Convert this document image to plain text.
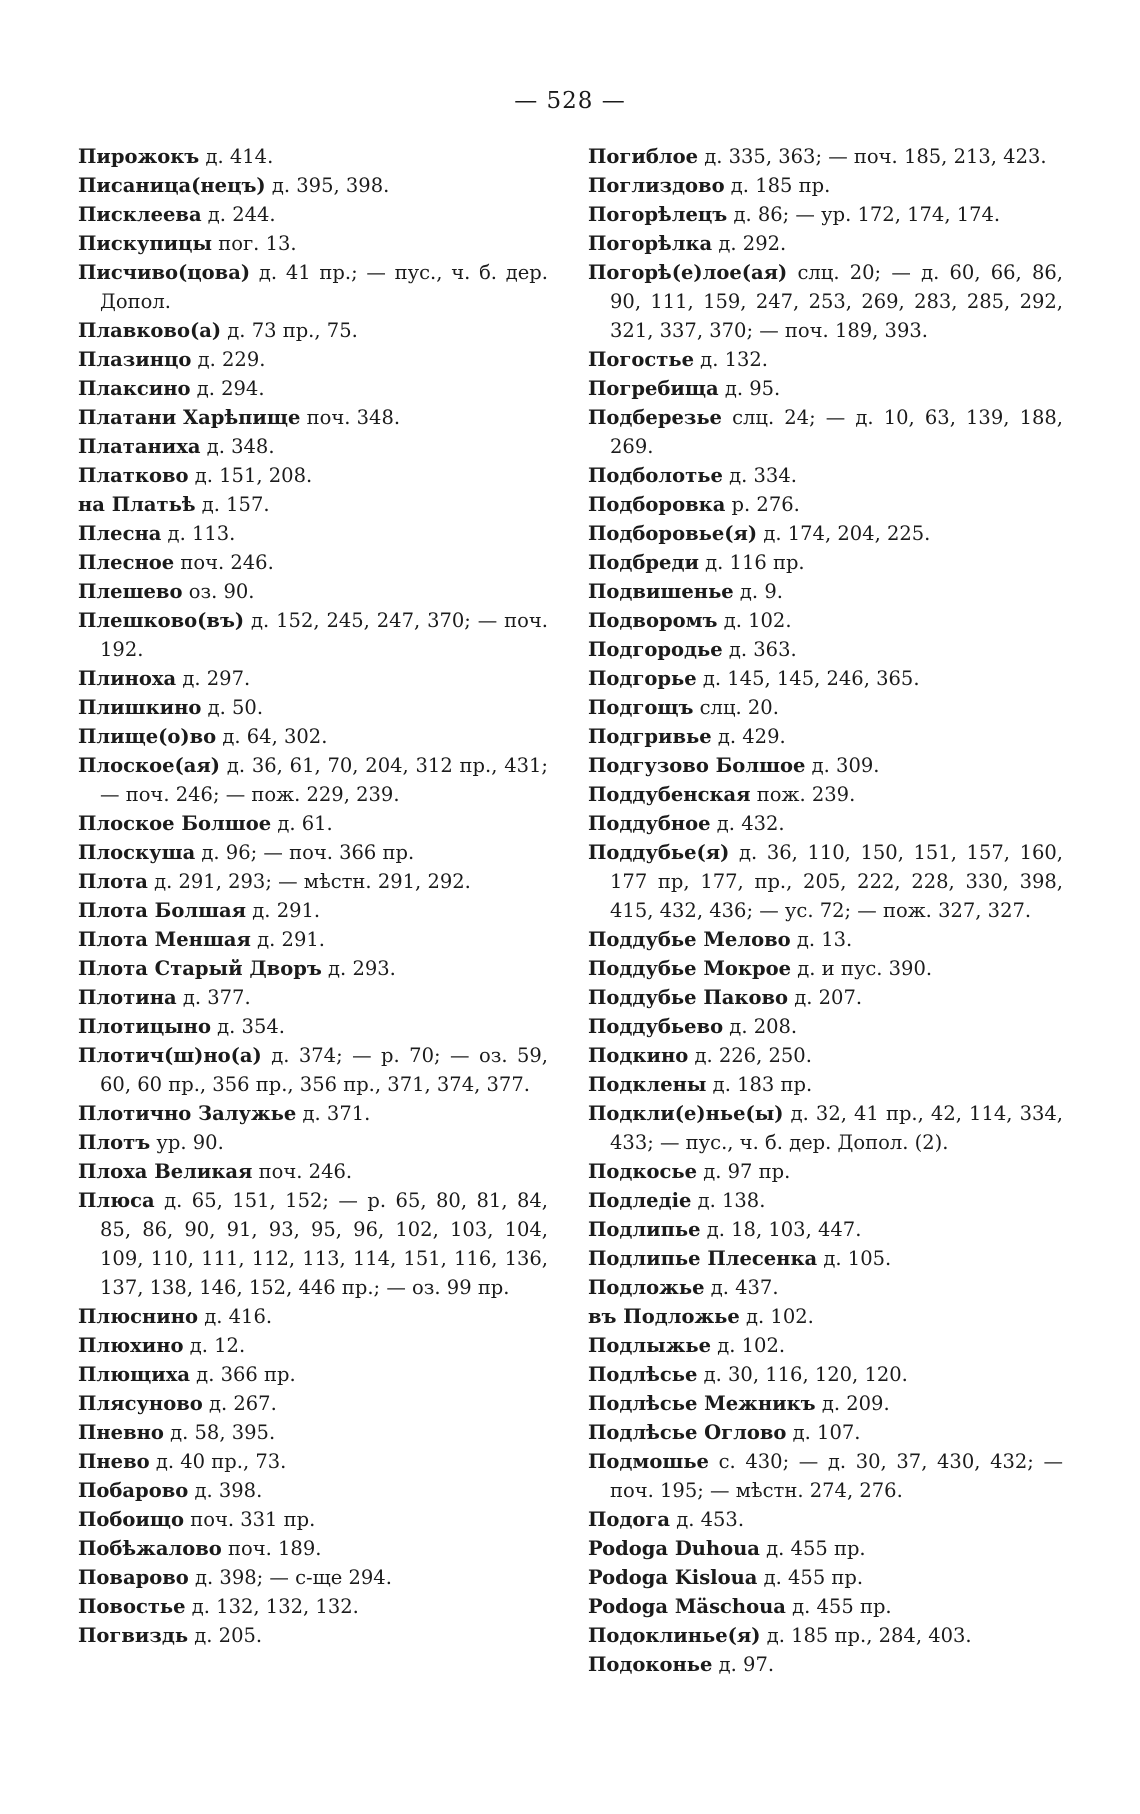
— 528 —
Пирожокъ д. 414.
Писаница(нецъ) д. 395, 398.
Писклеева д. 244.
Пискупицы пог. 13.
Писчиво(цова) д. 41 пр.; — пус., ч. б. дер. Допол.
Плавково(а) д. 73 пр., 75.
Плазинцо д. 229.
Плаксино д. 294.
Платани Харѣпище поч. 348.
Платаниха д. 348.
Платково д. 151, 208.
на Платьѣ д. 157.
Плесна д. 113.
Плесное поч. 246.
Плешево оз. 90.
Плешково(въ) д. 152, 245, 247, 370; — поч. 192.
Плиноха д. 297.
Плишкино д. 50.
Плище(о)во д. 64, 302.
Плоское(ая) д. 36, 61, 70, 204, 312 пр., 431; — поч. 246; — пож. 229, 239.
Плоское Болшое д. 61.
Плоскуша д. 96; — поч. 366 пр.
Плота д. 291, 293; — мѣстн. 291, 292.
Плота Болшая д. 291.
Плота Меншая д. 291.
Плота Старый Дворъ д. 293.
Плотина д. 377.
Плотицыно д. 354.
Плотич(ш)но(а) д. 374; — р. 70; — оз. 59, 60, 60 пр., 356 пр., 356 пр., 371, 374, 377.
Плотично Залужье д. 371.
Плотъ ур. 90.
Плоха Великая поч. 246.
Плюса д. 65, 151, 152; — р. 65, 80, 81, 84, 85, 86, 90, 91, 93, 95, 96, 102, 103, 104, 109, 110, 111, 112, 113, 114, 151, 116, 136, 137, 138, 146, 152, 446 пр.; — оз. 99 пр.
Плюснино д. 416.
Плюхино д. 12.
Плющиха д. 366 пр.
Плясуново д. 267.
Пневно д. 58, 395.
Пнево д. 40 пр., 73.
Побарово д. 398.
Побоищо поч. 331 пр.
Побѣжалово поч. 189.
Поварово д. 398; — с-ще 294.
Повостье д. 132, 132, 132.
Погвиздь д. 205.
Погиблое д. 335, 363; — поч. 185, 213, 423.
Поглиздово д. 185 пр.
Погорѣлецъ д. 86; — ур. 172, 174, 174.
Погорѣлка д. 292.
Погорѣ(е)лое(ая) слц. 20; — д. 60, 66, 86, 90, 111, 159, 247, 253, 269, 283, 285, 292, 321, 337, 370; — поч. 189, 393.
Погостье д. 132.
Погребища д. 95.
Подберезье слц. 24; — д. 10, 63, 139, 188, 269.
Подболотье д. 334.
Подборовка р. 276.
Подборовье(я) д. 174, 204, 225.
Подбреди д. 116 пр.
Подвишенье д. 9.
Подворомъ д. 102.
Подгородье д. 363.
Подгорье д. 145, 145, 246, 365.
Подгощъ слц. 20.
Подгривье д. 429.
Подгузово Болшое д. 309.
Поддубенская пож. 239.
Поддубное д. 432.
Поддубье(я) д. 36, 110, 150, 151, 157, 160, 177 пр, 177, пр., 205, 222, 228, 330, 398, 415, 432, 436; — ус. 72; — пож. 327, 327.
Поддубье Мелово д. 13.
Поддубье Мокрое д. и пус. 390.
Поддубье Паково д. 207.
Поддубьево д. 208.
Подкино д. 226, 250.
Подклены д. 183 пр.
Подкли(е)нье(ы) д. 32, 41 пр., 42, 114, 334, 433; — пус., ч. б. дер. Допол. (2).
Подкосье д. 97 пр.
Подледіе д. 138.
Подлипье д. 18, 103, 447.
Подлипье Плесенка д. 105.
Подложье д. 437.
въ Подложье д. 102.
Подлыжье д. 102.
Подлѣсье д. 30, 116, 120, 120.
Подлѣсье Межникъ д. 209.
Подлѣсье Оглово д. 107.
Подмошье с. 430; — д. 30, 37, 430, 432; — поч. 195; — мѣстн. 274, 276.
Подога д. 453.
Podoga Duhoua д. 455 пр.
Podoga Kisloua д. 455 пр.
Podoga Mäschoua д. 455 пр.
Подоклинье(я) д. 185 пр., 284, 403.
Подоконье д. 97.
